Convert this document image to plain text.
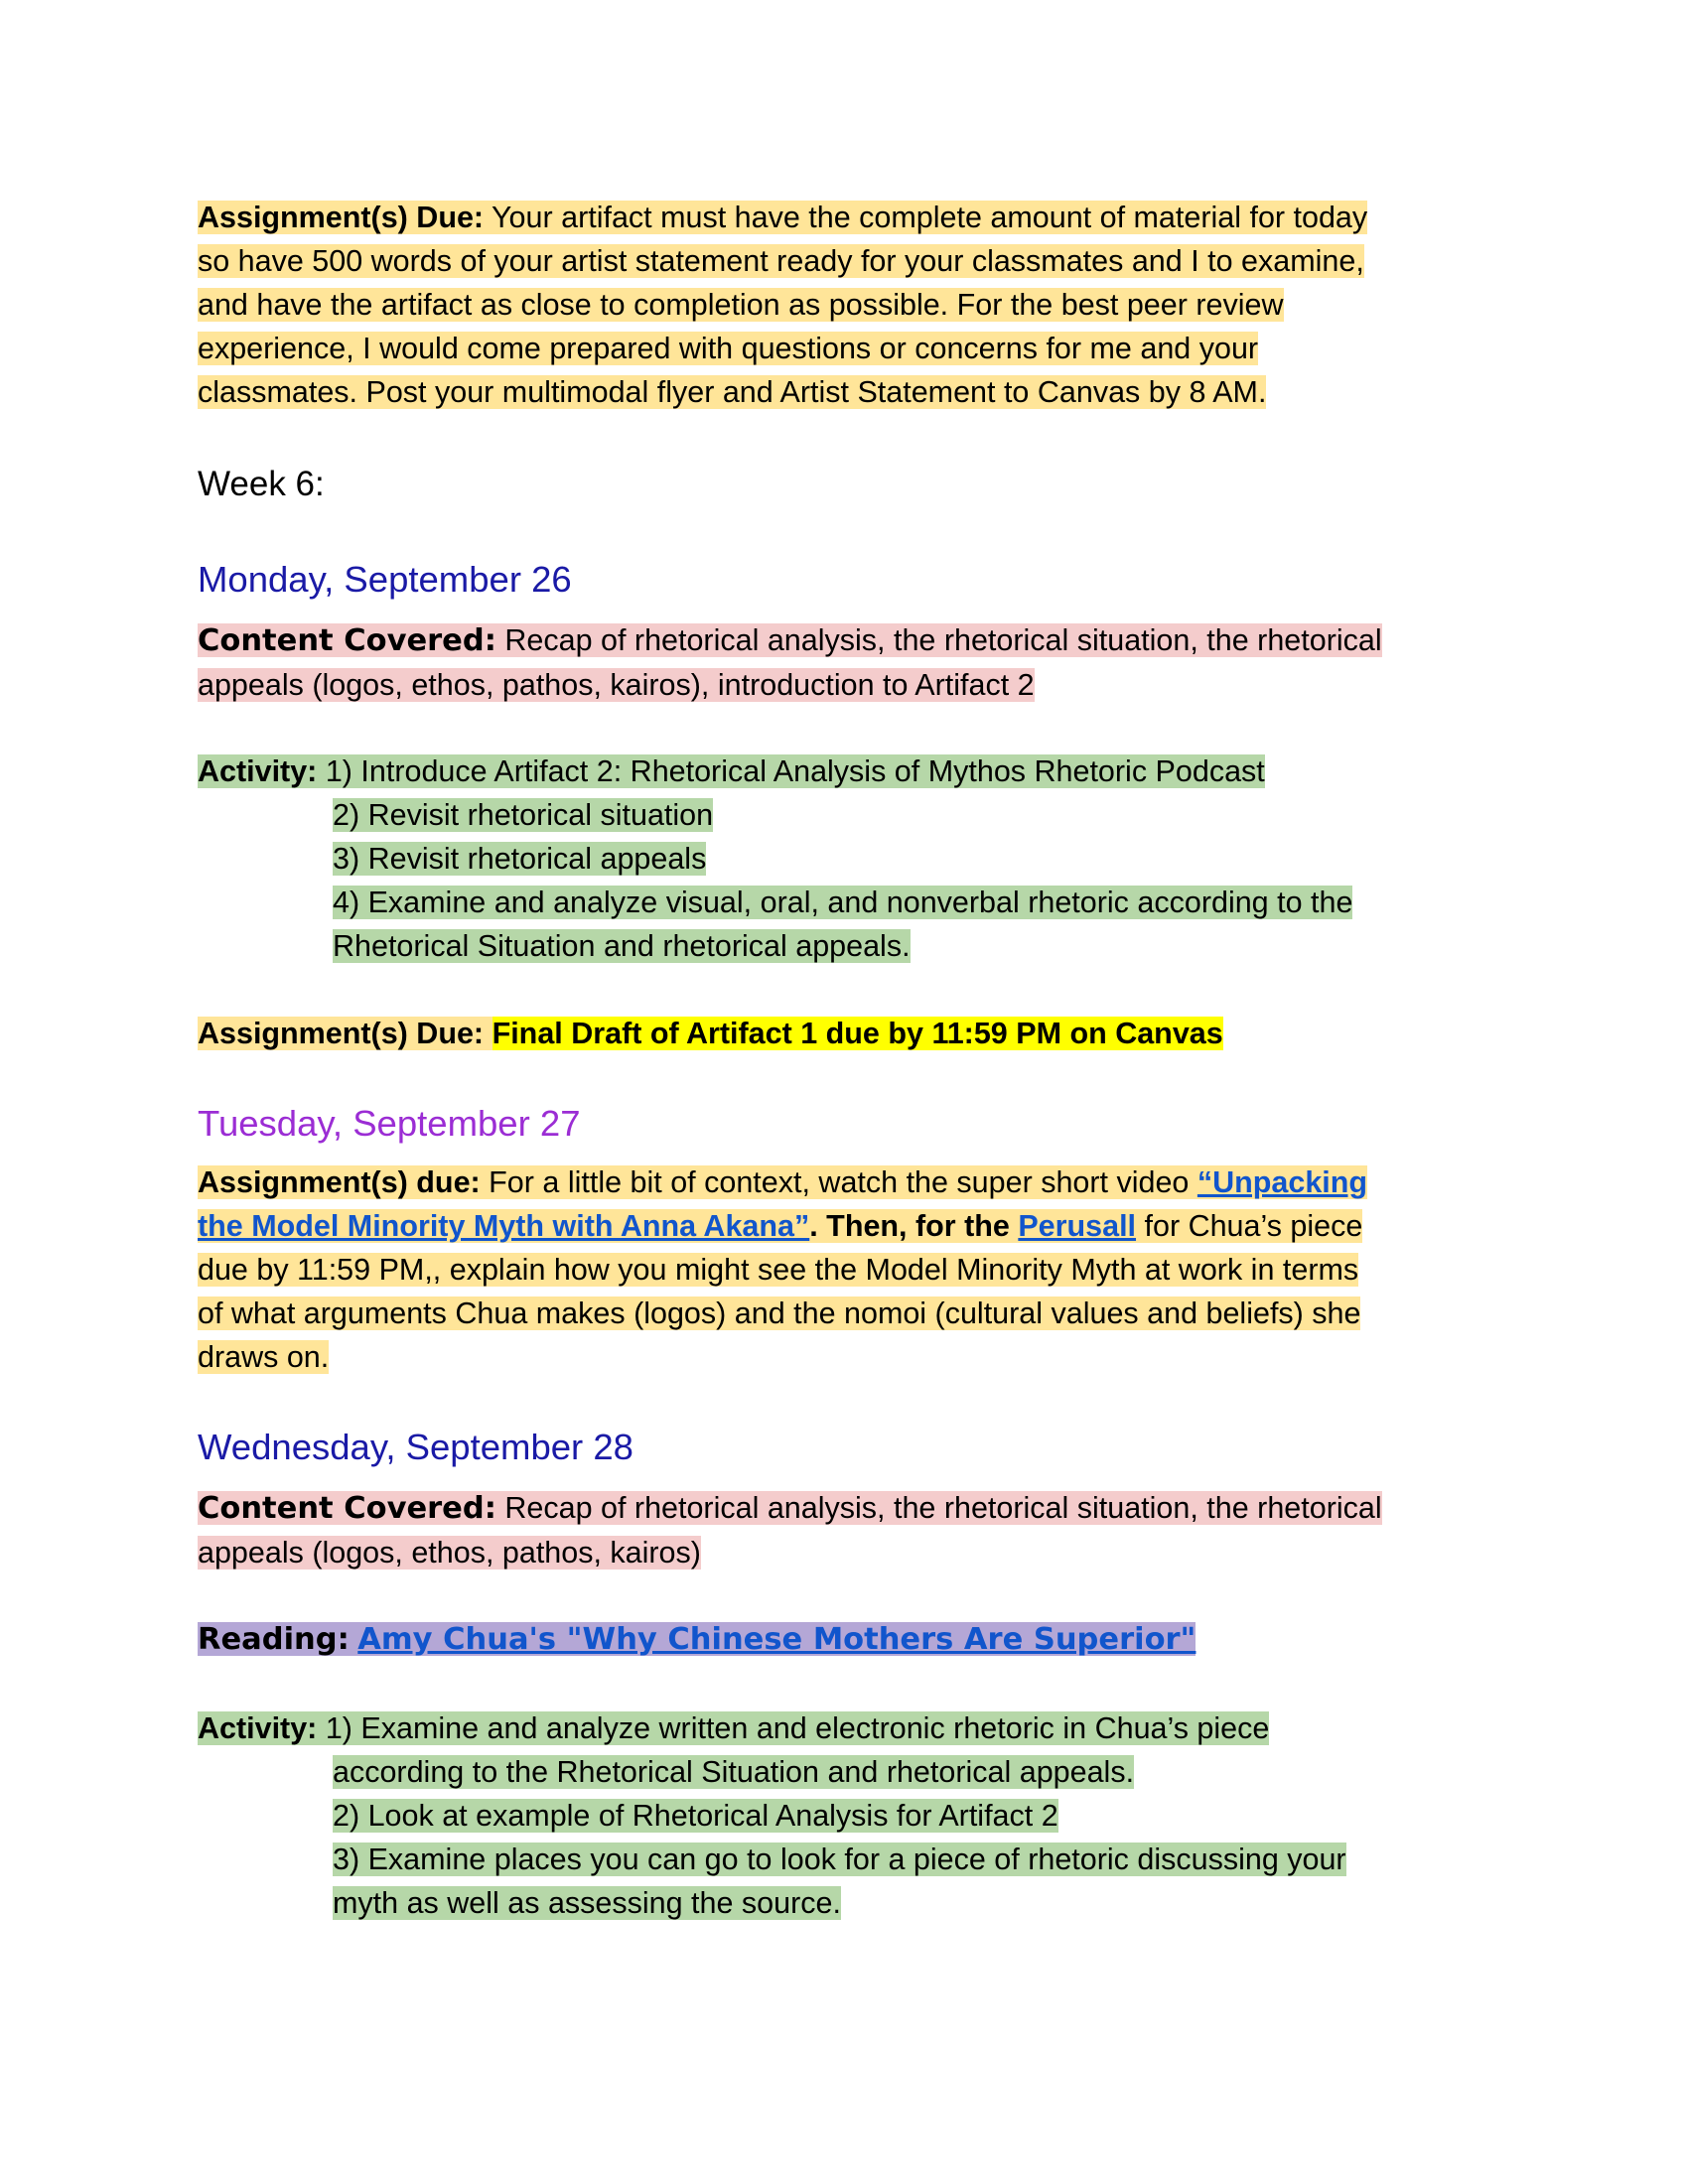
Assignment(s) Due: Your artifact must have the complete amount of material for today
so have 500 words of your artist statement ready for your classmates and I to examine,
and have the artifact as close to completion as possible. For the best peer review
experience, I would come prepared with questions or concerns for me and your
classmates. Post your multimodal flyer and Artist Statement to Canvas by 8 AM.
Week 6:
Monday, September 26
Content Covered: Recap of rhetorical analysis, the rhetorical situation, the rhetorical
appeals (logos, ethos, pathos, kairos), introduction to Artifact 2
Activity: 1) Introduce Artifact 2: Rhetorical Analysis of Mythos Rhetoric Podcast
2) Revisit rhetorical situation
3) Revisit rhetorical appeals
4) Examine and analyze visual, oral, and nonverbal rhetoric according to the
Rhetorical Situation and rhetorical appeals.
Assignment(s) Due: Final Draft of Artifact 1 due by 11:59 PM on Canvas
Tuesday, September 27
Assignment(s) due: For a little bit of context, watch the super short video “Unpacking
the Model Minority Myth with Anna Akana”. Then, for the Perusall for Chua’s piece
due by 11:59 PM,, explain how you might see the Model Minority Myth at work in terms
of what arguments Chua makes (logos) and the nomoi (cultural values and beliefs) she
draws on.
Wednesday, September 28
Content Covered: Recap of rhetorical analysis, the rhetorical situation, the rhetorical
appeals (logos, ethos, pathos, kairos)
Reading: Amy Chua's "Why Chinese Mothers Are Superior"
Activity: 1) Examine and analyze written and electronic rhetoric in Chua’s piece
according to the Rhetorical Situation and rhetorical appeals.
2) Look at example of Rhetorical Analysis for Artifact 2
3) Examine places you can go to look for a piece of rhetoric discussing your
myth as well as assessing the source.
